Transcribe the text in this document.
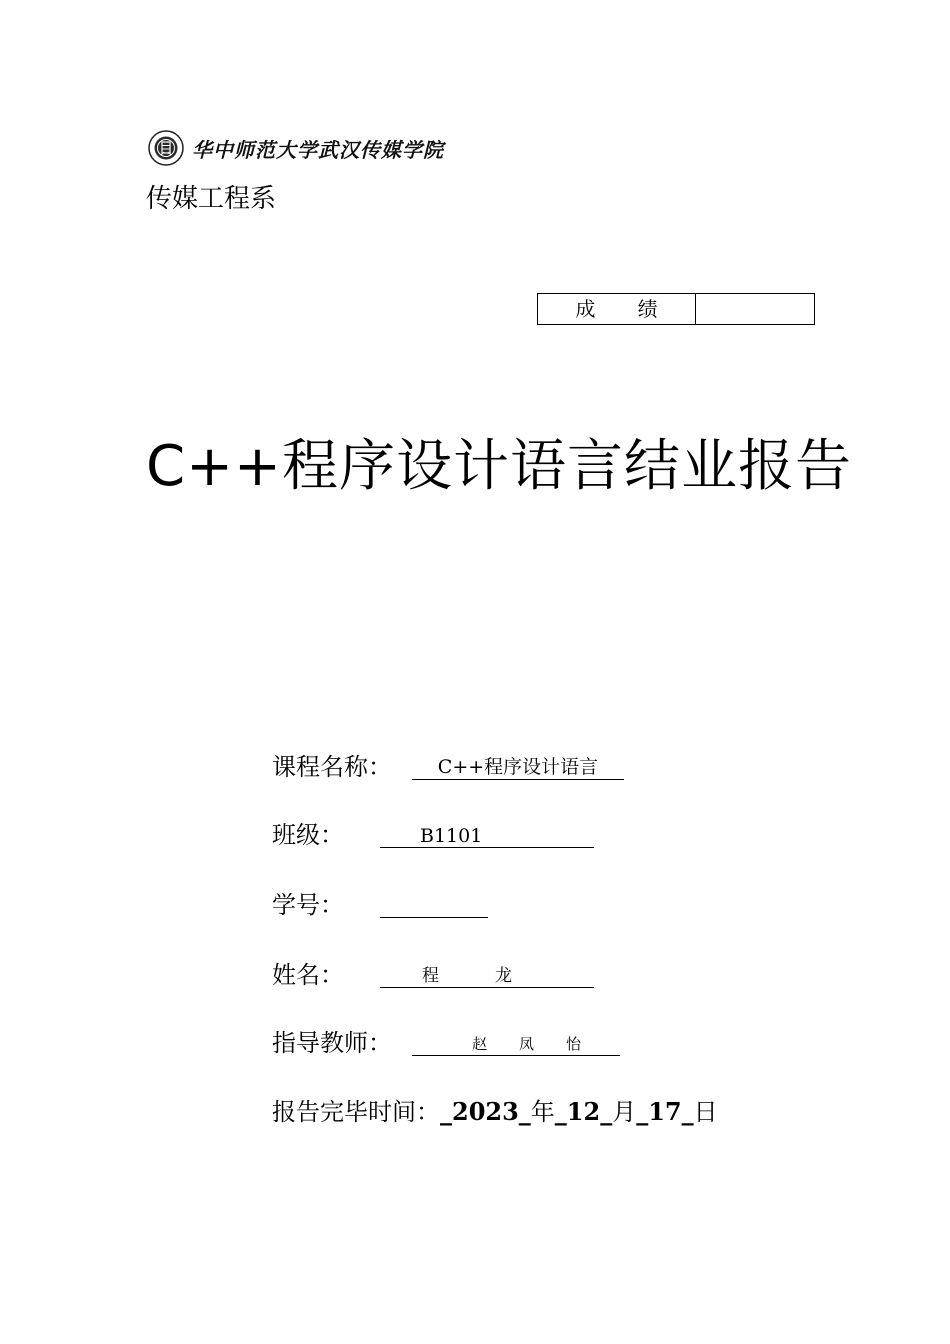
华中师范大学武汉传媒学院
传媒工程系
成 绩
C++程序设计语言结业报告
课程名称：	C++程序设计语言
班级：	B1101
学号：
姓名：	程龙
指导教师：	赵凤怡
报告完毕时间：_2023_年_12_月_17_日
